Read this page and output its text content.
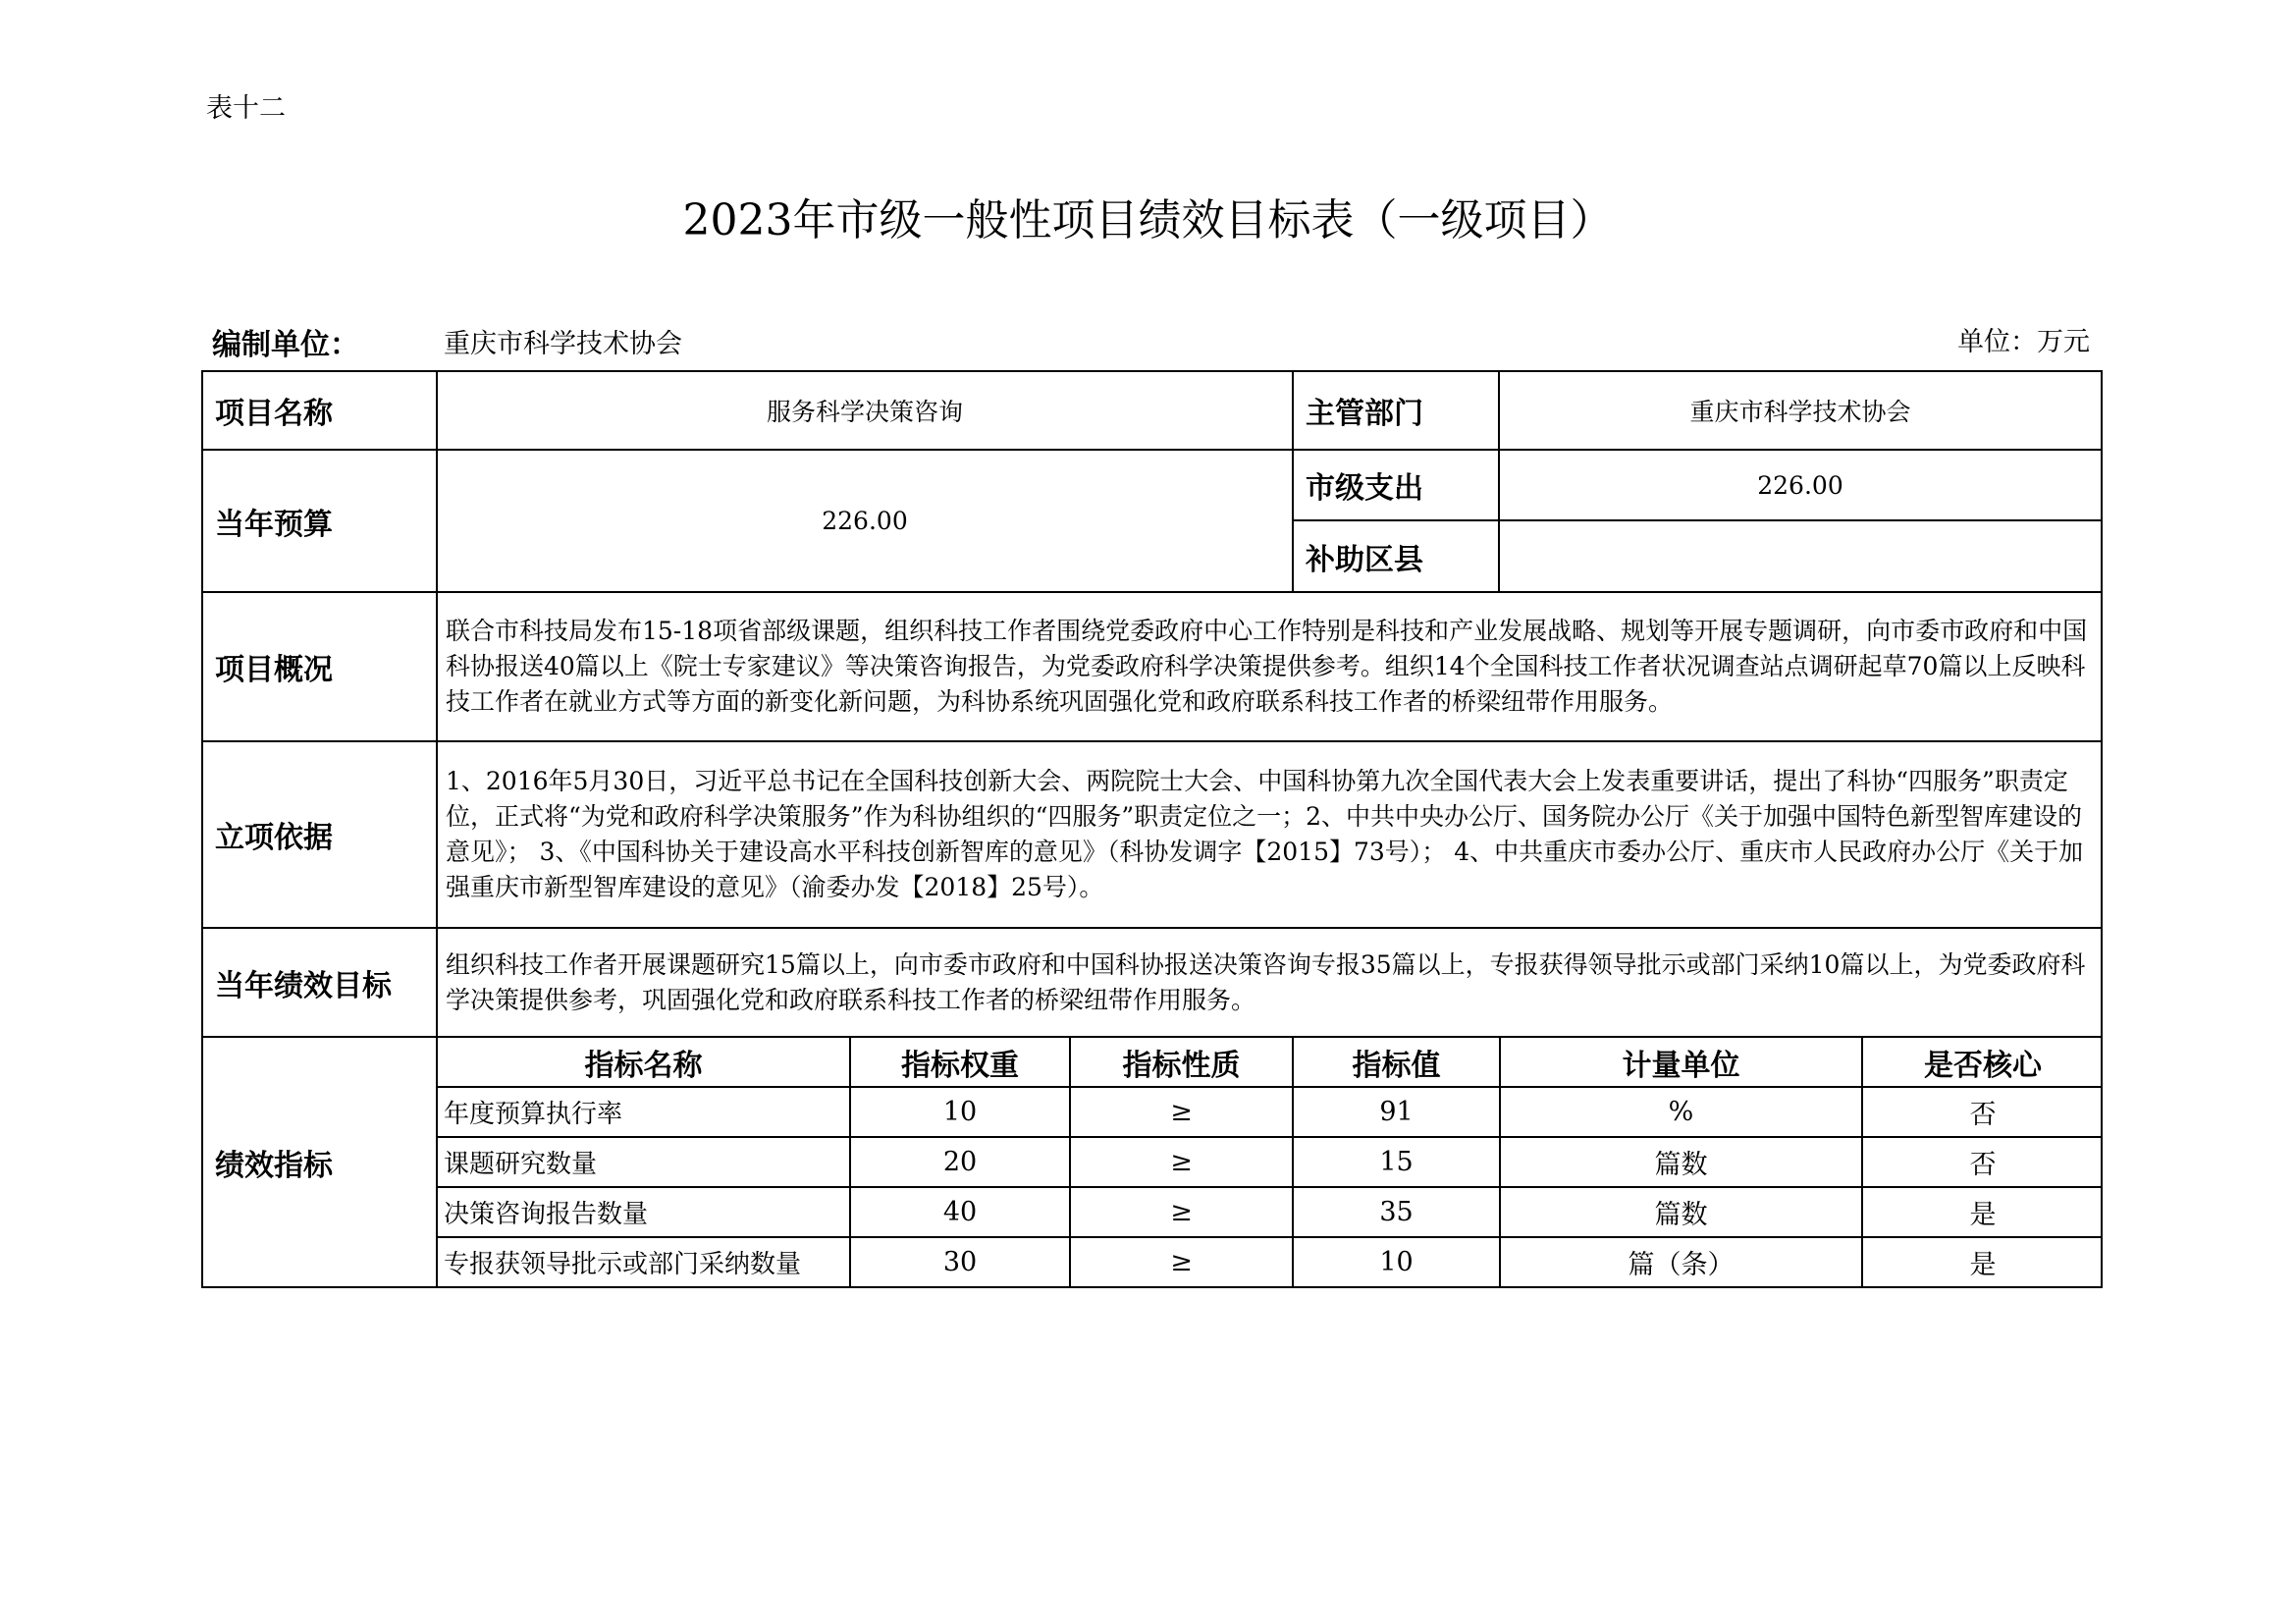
表十二
2023年市级一般性项目绩效目标表（一级项目）
编制单位：	重庆市科学技术协会	单位：万元
项目名称	服务科学决策咨询	主管部门	重庆市科学技术协会
当年预算	226.00	市级支出	226.00
补助区县	
项目概况	联合市科技局发布15-18项省部级课题，组织科技工作者围绕党委政府中心工作特别是科技和产业发展战略、规划等开展专题调研，向市委市政府和中国科协报送40篇以上《院士专家建议》等决策咨询报告，为党委政府科学决策提供参考。组织14个全国科技工作者状况调查站点调研起草70篇以上反映科技工作者在就业方式等方面的新变化新问题，为科协系统巩固强化党和政府联系科技工作者的桥梁纽带作用服务。
立项依据	1、2016年5月30日，习近平总书记在全国科技创新大会、两院院士大会、中国科协第九次全国代表大会上发表重要讲话，提出了科协“四服务”职责定位，正式将“为党和政府科学决策服务”作为科协组织的“四服务”职责定位之一；2、中共中央办公厅、国务院办公厅《关于加强中国特色新型智库建设的意见》； 3、《中国科协关于建设高水平科技创新智库的意见》（科协发调字【2015】73号）； 4、中共重庆市委办公厅、重庆市人民政府办公厅《关于加强重庆市新型智库建设的意见》（渝委办发【2018】25号）。
当年绩效目标	组织科技工作者开展课题研究15篇以上，向市委市政府和中国科协报送决策咨询专报35篇以上，专报获得领导批示或部门采纳10篇以上，为党委政府科学决策提供参考，巩固强化党和政府联系科技工作者的桥梁纽带作用服务。
绩效指标	
指标名称	指标权重	指标性质	指标值	计量单位	是否核心
年度预算执行率	10	≥	91	%	否
课题研究数量	20	≥	15	篇数	否
决策咨询报告数量	40	≥	35	篇数	是
专报获领导批示或部门采纳数量	30	≥	10	篇（条）	是
